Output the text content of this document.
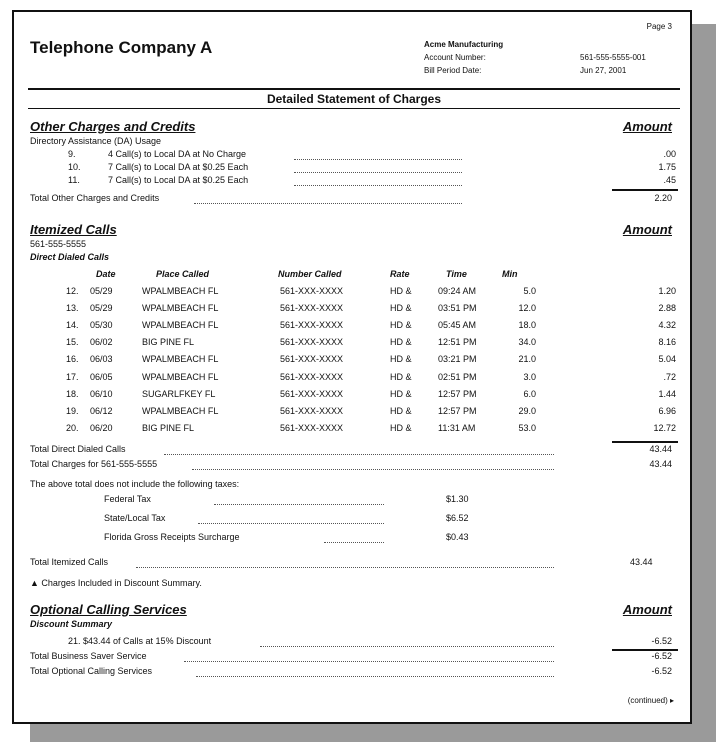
Page 3
Telephone Company A	Acme Manufacturing
Account Number:	561-555-5555-001
Bill Period Date:	Jun 27, 2001
Detailed Statement of Charges
Other Charges and Credits	Amount
Directory Assistance (DA) Usage
9.	4 Call(s) to Local DA at No Charge	.00
10.	7 Call(s) to Local DA at $0.25 Each	1.75
11.	7 Call(s) to Local DA at $0.25 Each	.45
Total Other Charges and Credits	2.20
Itemized Calls	Amount
561-555-5555
Direct Dialed Calls
Date	Place Called	Number Called	Rate	Time	Min
12. 05/29	WPALMBEACH FL	561-XXX-XXXX	HD &	09:24 AM	5.0	1.20
13. 05/29	WPALMBEACH FL	561-XXX-XXXX	HD &	03:51 PM	12.0	2.88
14. 05/30	WPALMBEACH FL	561-XXX-XXXX	HD &	05:45 AM	18.0	4.32
15. 06/02	BIG PINE FL	561-XXX-XXXX	HD &	12:51 PM	34.0	8.16
16. 06/03	WPALMBEACH FL	561-XXX-XXXX	HD &	03:21 PM	21.0	5.04
17. 06/05	WPALMBEACH FL	561-XXX-XXXX	HD &	02:51 PM	3.0	.72
18. 06/10	SUGARLFKEY FL	561-XXX-XXXX	HD &	12:57 PM	6.0	1.44
19. 06/12	WPALMBEACH FL	561-XXX-XXXX	HD &	12:57 PM	29.0	6.96
20. 06/20	BIG PINE FL	561-XXX-XXXX	HD &	11:31 AM	53.0	12.72
Total Direct Dialed Calls	43.44
Total Charges for 561-555-5555	43.44
The above total does not include the following taxes:
Federal Tax	$1.30
State/Local Tax	$6.52
Florida Gross Receipts Surcharge	$0.43
Total Itemized Calls	43.44
▲ Charges Included in Discount Summary.
Optional Calling Services	Amount
Discount Summary
21. $43.44 of Calls at 15% Discount	-6.52
Total Business Saver Service	-6.52
Total Optional Calling Services	-6.52
(continued) ▸
